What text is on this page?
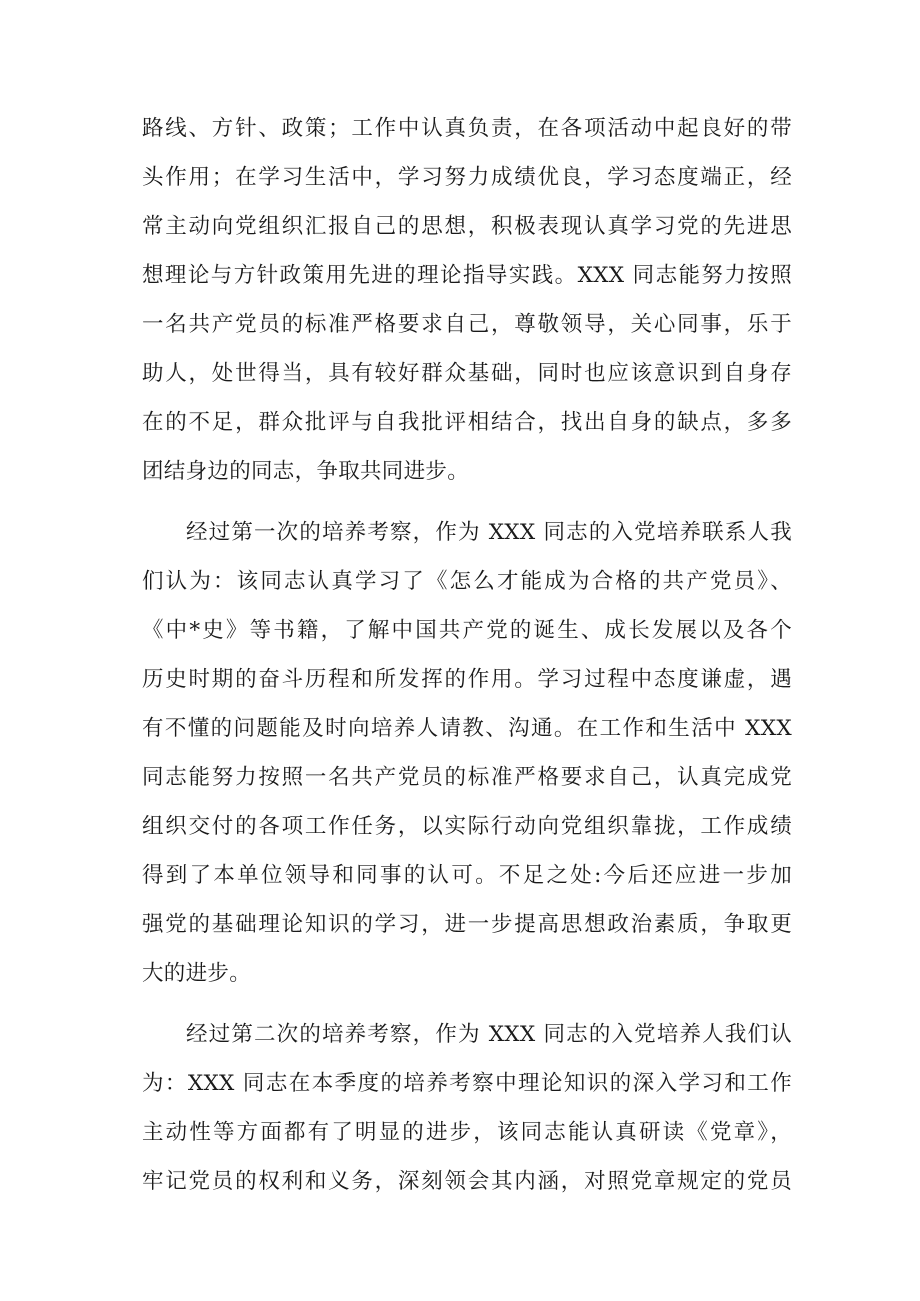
路线、方针、政策；工作中认真负责，在各项活动中起良好的带
头作用；在学习生活中，学习努力成绩优良，学习态度端正，经
常主动向党组织汇报自己的思想，积极表现认真学习党的先进思
想理论与方针政策用先进的理论指导实践。XXX 同志能努力按照
一名共产党员的标准严格要求自己，尊敬领导，关心同事，乐于
助人，处世得当，具有较好群众基础，同时也应该意识到自身存
在的不足，群众批评与自我批评相结合，找出自身的缺点，多多
团结身边的同志，争取共同进步。
经过第一次的培养考察，作为 XXX 同志的入党培养联系人我
们认为：该同志认真学习了《怎么才能成为合格的共产党员》、
《中*史》等书籍，了解中国共产党的诞生、成长发展以及各个
历史时期的奋斗历程和所发挥的作用。学习过程中态度谦虚，遇
有不懂的问题能及时向培养人请教、沟通。在工作和生活中 XXX
同志能努力按照一名共产党员的标准严格要求自己，认真完成党
组织交付的各项工作任务，以实际行动向党组织靠拢，工作成绩
得到了本单位领导和同事的认可。不足之处:今后还应进一步加
强党的基础理论知识的学习，进一步提高思想政治素质，争取更
大的进步。
经过第二次的培养考察，作为 XXX 同志的入党培养人我们认
为：XXX 同志在本季度的培养考察中理论知识的深入学习和工作
主动性等方面都有了明显的进步，该同志能认真研读《党章》，
牢记党员的权利和义务，深刻领会其内涵，对照党章规定的党员
